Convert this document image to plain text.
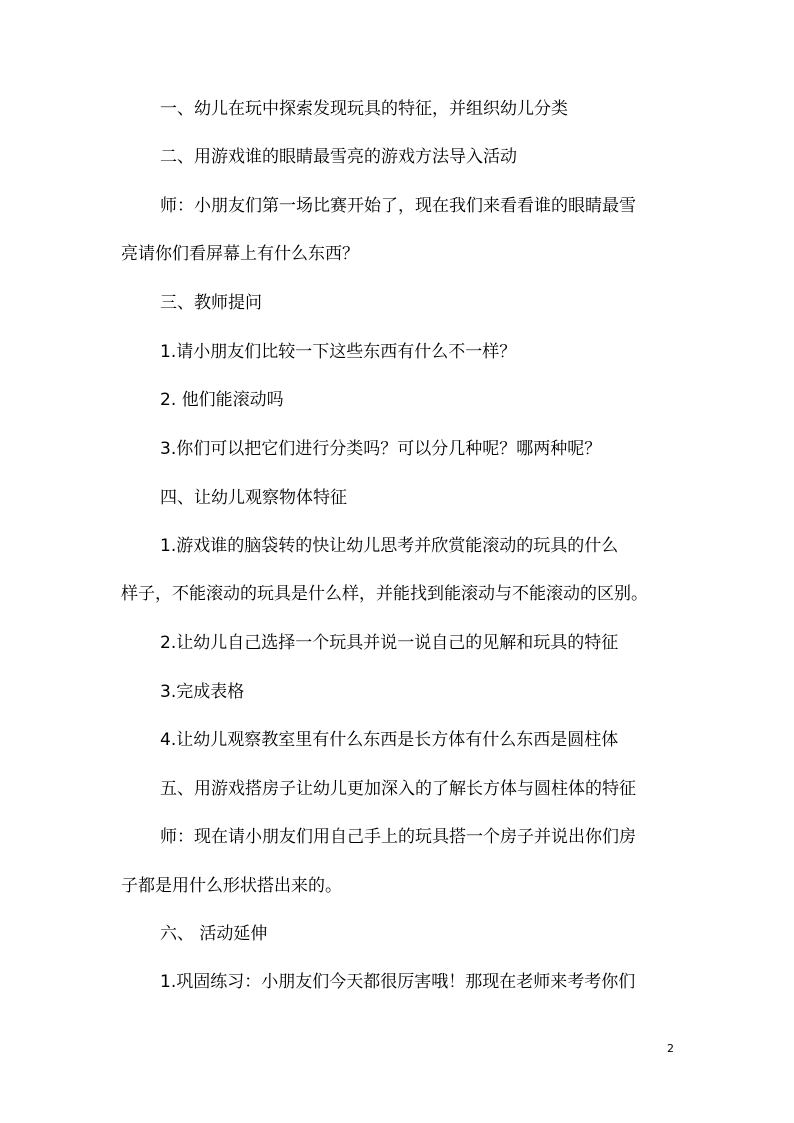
一、幼儿在玩中探索发现玩具的特征，并组织幼儿分类
二、用游戏谁的眼睛最雪亮的游戏方法导入活动
师：小朋友们第一场比赛开始了，现在我们来看看谁的眼睛最雪
亮请你们看屏幕上有什么东西？
三、教师提问
1.请小朋友们比较一下这些东西有什么不一样？
2. 他们能滚动吗
3.你们可以把它们进行分类吗？可以分几种呢？哪两种呢？
四、让幼儿观察物体特征
1.游戏谁的脑袋转的快让幼儿思考并欣赏能滚动的玩具的什么
样子，不能滚动的玩具是什么样，并能找到能滚动与不能滚动的区别。
2.让幼儿自己选择一个玩具并说一说自己的见解和玩具的特征
3.完成表格
4.让幼儿观察教室里有什么东西是长方体有什么东西是圆柱体
五、用游戏搭房子让幼儿更加深入的了解长方体与圆柱体的特征
师：现在请小朋友们用自己手上的玩具搭一个房子并说出你们房
子都是用什么形状搭出来的。
六、 活动延伸
1.巩固练习：小朋友们今天都很厉害哦！那现在老师来考考你们
2
